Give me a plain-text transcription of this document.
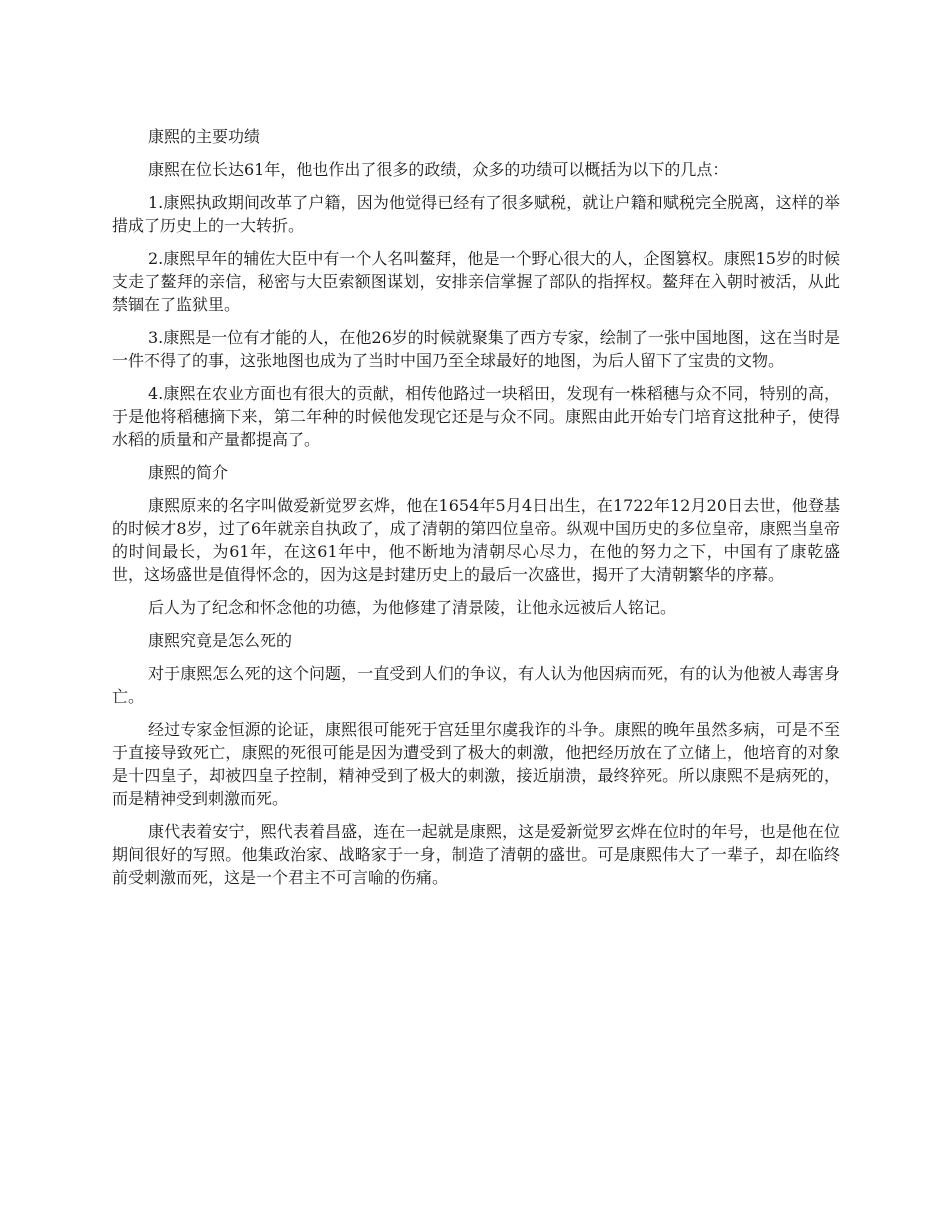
康熙的主要功绩

康熙在位长达61年，他也作出了很多的政绩，众多的功绩可以概括为以下的几点：

1.康熙执政期间改革了户籍，因为他觉得已经有了很多赋税，就让户籍和赋税完全脱离，这样的举措成了历史上的一大转折。

2.康熙早年的辅佐大臣中有一个人名叫鳌拜，他是一个野心很大的人，企图篡权。康熙15岁的时候支走了鳌拜的亲信，秘密与大臣索额图谋划，安排亲信掌握了部队的指挥权。鳌拜在入朝时被活，从此禁锢在了监狱里。

3.康熙是一位有才能的人，在他26岁的时候就聚集了西方专家，绘制了一张中国地图，这在当时是一件不得了的事，这张地图也成为了当时中国乃至全球最好的地图，为后人留下了宝贵的文物。

4.康熙在农业方面也有很大的贡献，相传他路过一块稻田，发现有一株稻穗与众不同，特别的高，于是他将稻穗摘下来，第二年种的时候他发现它还是与众不同。康熙由此开始专门培育这批种子，使得水稻的质量和产量都提高了。

康熙的简介

康熙原来的名字叫做爱新觉罗玄烨，他在1654年5月4日出生，在1722年12月20日去世，他登基的时候才8岁，过了6年就亲自执政了，成了清朝的第四位皇帝。纵观中国历史的多位皇帝，康熙当皇帝的时间最长，为61年，在这61年中，他不断地为清朝尽心尽力，在他的努力之下，中国有了康乾盛世，这场盛世是值得怀念的，因为这是封建历史上的最后一次盛世，揭开了大清朝繁华的序幕。

后人为了纪念和怀念他的功德，为他修建了清景陵，让他永远被后人铭记。

康熙究竟是怎么死的

对于康熙怎么死的这个问题，一直受到人们的争议，有人认为他因病而死，有的认为他被人毒害身亡。

经过专家金恒源的论证，康熙很可能死于宫廷里尔虞我诈的斗争。康熙的晚年虽然多病，可是不至于直接导致死亡，康熙的死很可能是因为遭受到了极大的刺激，他把经历放在了立储上，他培育的对象是十四皇子，却被四皇子控制，精神受到了极大的刺激，接近崩溃，最终猝死。所以康熙不是病死的，而是精神受到刺激而死。

康代表着安宁，熙代表着昌盛，连在一起就是康熙，这是爱新觉罗玄烨在位时的年号，也是他在位期间很好的写照。他集政治家、战略家于一身，制造了清朝的盛世。可是康熙伟大了一辈子，却在临终前受刺激而死，这是一个君主不可言喻的伤痛。
